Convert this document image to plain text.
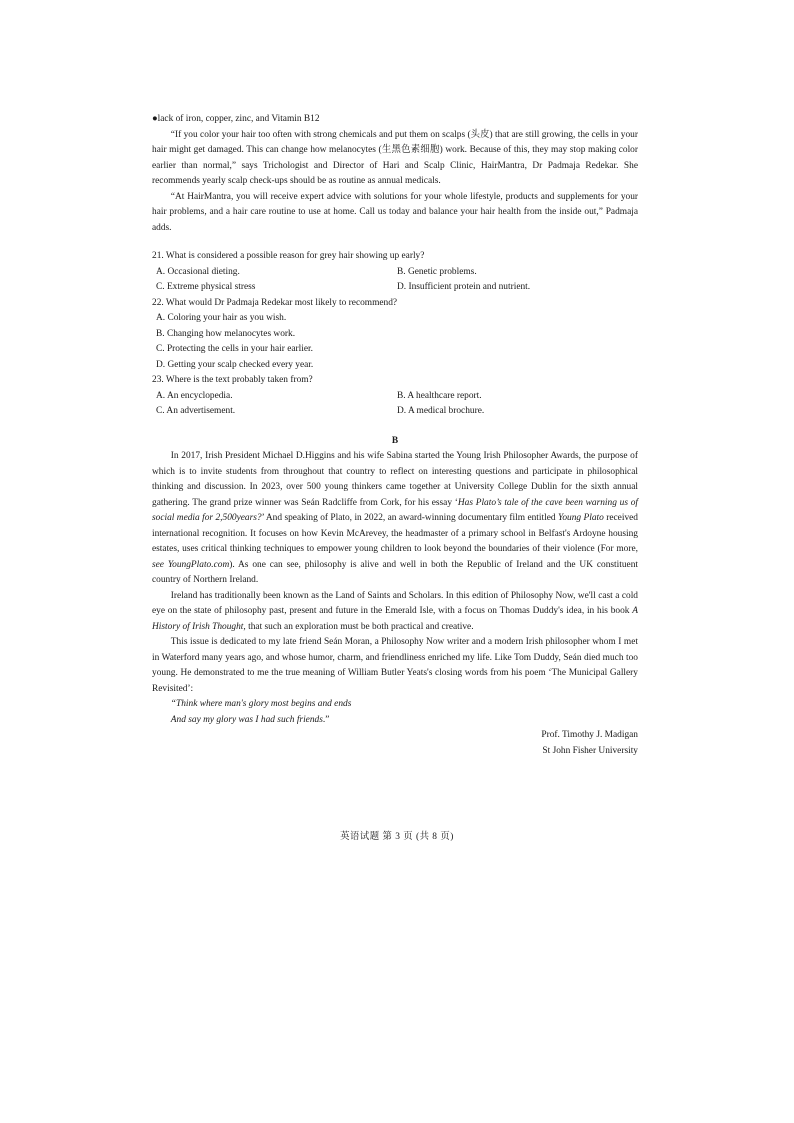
●lack of iron, copper, zinc, and Vitamin B12

“If you color your hair too often with strong chemicals and put them on scalps (头皮) that are still growing, the cells in your hair might get damaged. This can change how melanocytes (生黑色素细胞) work. Because of this, they may stop making color earlier than normal,” says Trichologist and Director of Hari and Scalp Clinic, HairMantra, Dr Padmaja Redekar. She recommends yearly scalp check-ups should be as routine as annual medicals.

“At HairMantra, you will receive expert advice with solutions for your whole lifestyle, products and supplements for your hair problems, and a hair care routine to use at home. Call us today and balance your hair health from the inside out,” Padmaja adds.

21. What is considered a possible reason for grey hair showing up early?

A. Occasional dieting.	B. Genetic problems.
C. Extreme physical stress	D. Insufficient protein and nutrient.

22. What would Dr Padmaja Redekar most likely to recommend?

A. Coloring your hair as you wish.
B. Changing how melanocytes work.
C. Protecting the cells in your hair earlier.
D. Getting your scalp checked every year.

23. Where is the text probably taken from?

A. An encyclopedia.	B. A healthcare report.
C. An advertisement.	D. A medical brochure.

B

In 2017, Irish President Michael D.Higgins and his wife Sabina started the Young Irish Philosopher Awards, the purpose of which is to invite students from throughout that country to reflect on interesting questions and participate in philosophical thinking and discussion. In 2023, over 500 young thinkers came together at University College Dublin for the sixth annual gathering. The grand prize winner was Seán Radcliffe from Cork, for his essay ‘Has Plato’s tale of the cave been warning us of social media for 2,500years?’ And speaking of Plato, in 2022, an award-winning documentary film entitled Young Plato received international recognition. It focuses on how Kevin McArevey, the headmaster of a primary school in Belfast's Ardoyne housing estates, uses critical thinking techniques to empower young children to look beyond the boundaries of their violence (For more, see YoungPlato.com). As one can see, philosophy is alive and well in both the Republic of Ireland and the UK constituent country of Northern Ireland.

Ireland has traditionally been known as the Land of Saints and Scholars. In this edition of Philosophy Now, we'll cast a cold eye on the state of philosophy past, present and future in the Emerald Isle, with a focus on Thomas Duddy's idea, in his book A History of Irish Thought, that such an exploration must be both practical and creative.

This issue is dedicated to my late friend Seán Moran, a Philosophy Now writer and a modern Irish philosopher whom I met in Waterford many years ago, and whose humor, charm, and friendliness enriched my life. Like Tom Duddy, Seán died much too young. He demonstrated to me the true meaning of William Butler Yeats's closing words from his poem ‘The Municipal Gallery Revisited’:

“Think where man's glory most begins and ends

And say my glory was I had such friends.”

Prof. Timothy J. Madigan

St John Fisher University

英语试题 第 3 页 (共 8 页)
